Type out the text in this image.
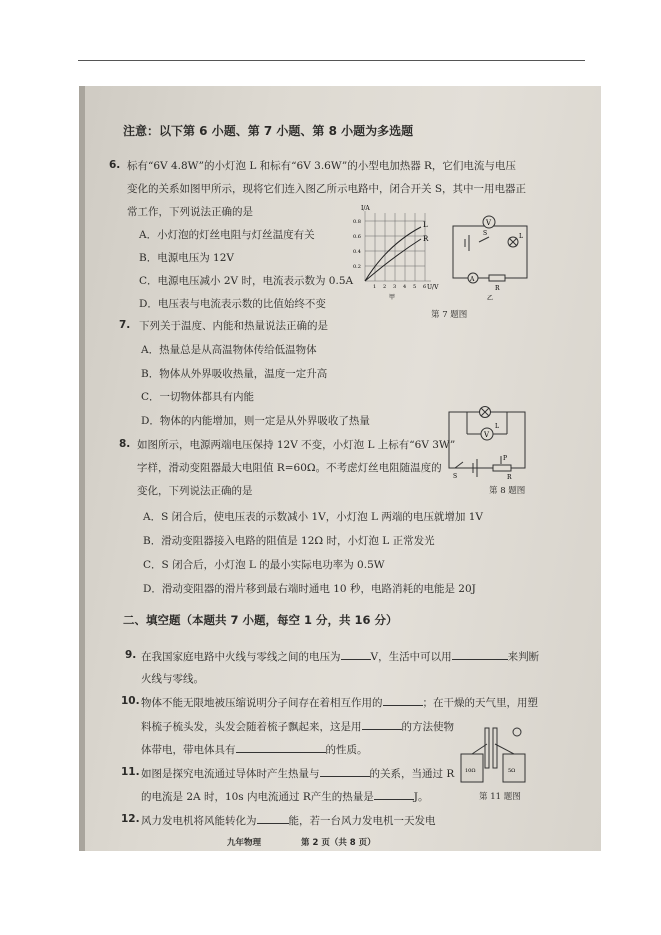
注意：以下第 6 小题、第 7 小题、第 8 小题为多选题
6. 标有“6V 4.8W”的小灯泡 L 和标有“6V 3.6W”的小型电加热器 R，它们电流与电压
变化的关系如图甲所示，现将它们连入图乙所示电路中，闭合开关 S，其中一用电器正
常工作，下列说法正确的是
A．小灯泡的灯丝电阻与灯丝温度有关
B．电源电压为 12V
C．电源电压减小 2V 时，电流表示数为 0.5A
D．电压表与电流表示数的比值始终不变
I/A
U/V
L
R
0.8
0.6
0.4
0.2
1 2 3 4 5 6
甲
V
S	L
A
R
乙
第 7 题图
7. 下列关于温度、内能和热量说法正确的是
A．热量总是从高温物体传给低温物体
B．物体从外界吸收热量，温度一定升高
C．一切物体都具有内能
D．物体的内能增加，则一定是从外界吸收了热量
V
L
S
P
R
第 8 题图
8. 如图所示，电源两端电压保持 12V 不变，小灯泡 L 上标有“6V 3W”
字样，滑动变阻器最大电阻值 R=60Ω。不考虑灯丝电阻随温度的
变化，下列说法正确的是
A．S 闭合后，使电压表的示数减小 1V，小灯泡 L 两端的电压就增加 1V
B．滑动变阻器接入电路的阻值是 12Ω 时，小灯泡 L 正常发光
C．S 闭合后，小灯泡 L 的最小实际电功率为 0.5W
D．滑动变阻器的滑片移到最右端时通电 10 秒，电路消耗的电能是 20J
二、填空题（本题共 7 小题，每空 1 分，共 16 分）
9. 在我国家庭电路中火线与零线之间的电压为	V，生活中可以用	来判断
火线与零线。
10. 物体不能无限地被压缩说明分子间存在着相互作用的	；在干燥的天气里，用塑
料梳子梳头发，头发会随着梳子飘起来，这是用	的方法使物
体带电，带电体具有	的性质。
11. 如图是探究电流通过导体时产生热量与	的关系，当通过 R
的电流是 2A 时，10s 内电流通过 R产生的热量是	J。
10Ω	5Ω
第 11 题图
12. 风力发电机将风能转化为	能，若一台风力发电机一天发电
九年物理	第 2 页（共 8 页）
